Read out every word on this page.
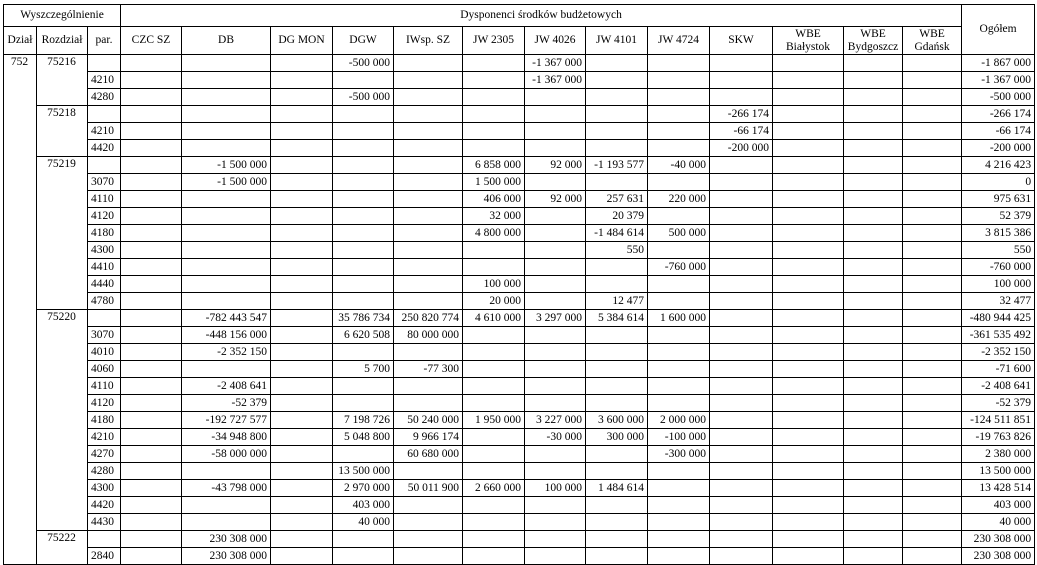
Wyszczególnienie			Dysponenci środków budżetowych													Ogółem
Dział	Rozdział	par.	CZC SZ	DB	DG MON	DGW	IWsp. SZ	JW 2305	JW 4026	JW 4101	JW 4724	SKW	WBE Białystok	WBE Bydgoszcz	WBE Gdańsk	
752	75216					-500 000			-1 367 000							-1 867 000
		4210							-1 367 000							-1 367 000
		4280				-500 000										-500 000
	75218											-266 174				-266 174
		4210										-66 174				-66 174
		4420										-200 000				-200 000
	75219			-1 500 000				6 858 000	92 000	-1 193 577	-40 000					4 216 423
		3070		-1 500 000				1 500 000								0
		4110						406 000	92 000	257 631	220 000					975 631
		4120						32 000		20 379						52 379
		4180						4 800 000		-1 484 614	500 000					3 815 386
		4300								550						550
		4410									-760 000					-760 000
		4440						100 000								100 000
		4780						20 000		12 477						32 477
	75220			-782 443 547		35 786 734	250 820 774	4 610 000	3 297 000	5 384 614	1 600 000					-480 944 425
		3070		-448 156 000		6 620 508	80 000 000									-361 535 492
		4010		-2 352 150												-2 352 150
		4060				5 700	-77 300									-71 600
		4110		-2 408 641												-2 408 641
		4120		-52 379												-52 379
		4180		-192 727 577		7 198 726	50 240 000	1 950 000	3 227 000	3 600 000	2 000 000					-124 511 851
		4210		-34 948 800		5 048 800	9 966 174		-30 000	300 000	-100 000					-19 763 826
		4270		-58 000 000			60 680 000				-300 000					2 380 000
		4280				13 500 000										13 500 000
		4300		-43 798 000		2 970 000	50 011 900	2 660 000	100 000	1 484 614						13 428 514
		4420				403 000										403 000
		4430				40 000										40 000
	75222			230 308 000												230 308 000
		2840		230 308 000												230 308 000
